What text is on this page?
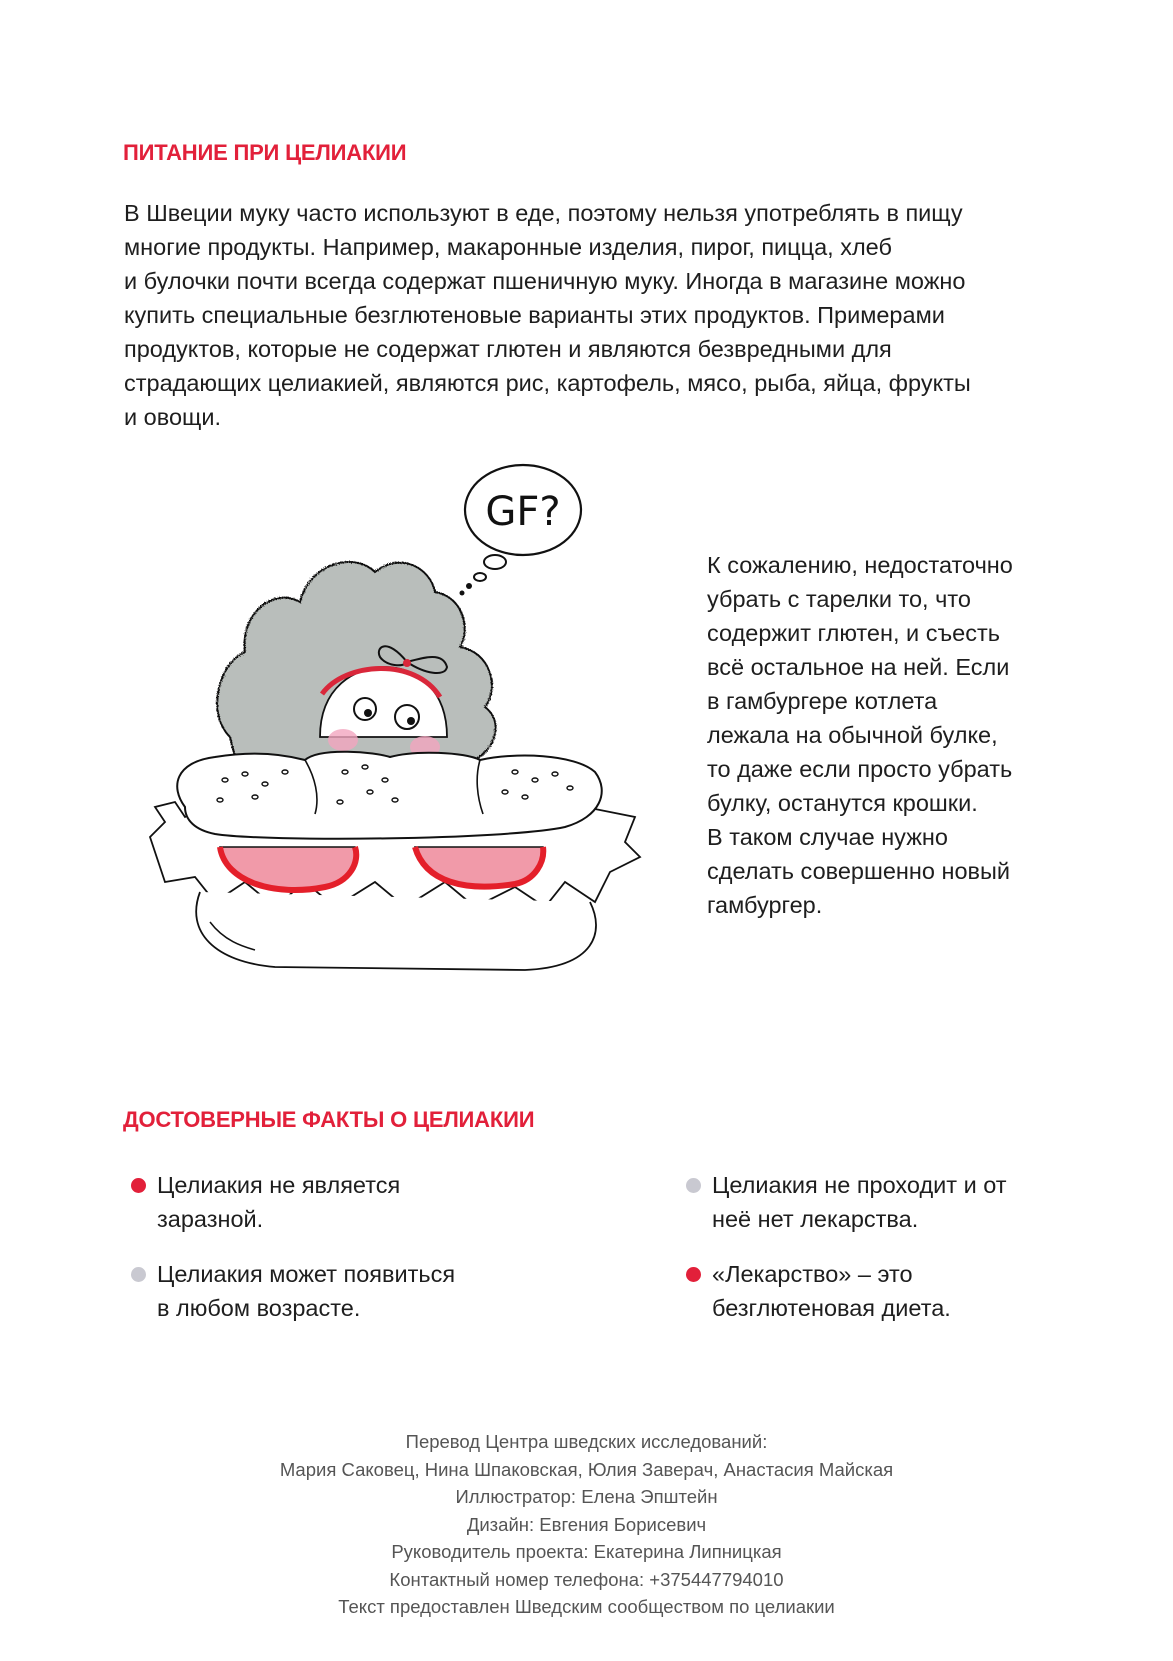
ПИТАНИЕ ПРИ ЦЕЛИАКИИ

В Швеции муку часто используют в еде, поэтому нельзя употреблять в пищу
многие продукты. Например, макаронные изделия, пирог, пицца, хлеб
и булочки почти всегда содержат пшеничную муку. Иногда в магазине можно
купить специальные безглютеновые варианты этих продуктов. Примерами
продуктов, которые не содержат глютен и являются безвредными для
страдающих целиакией, являются рис, картофель, мясо, рыба, яйца, фрукты
и овощи.

GF?

К сожалению, недостаточно
убрать с тарелки то, что
содержит глютен, и съесть
всё остальное на ней. Если
в гамбургере котлета
лежала на обычной булке,
то даже если просто убрать
булку, останутся крошки.
В таком случае нужно
сделать совершенно новый
гамбургер.

ДОСТОВЕРНЫЕ ФАКТЫ О ЦЕЛИАКИИ
Целиакия не является
заразной.
Целиакия может появиться
в любом возрасте.
Целиакия не проходит и от
неё нет лекарства.
«Лекарство» – это
безглютеновая диета.
Перевод Центра шведских исследований:
Мария Саковец, Нина Шпаковская, Юлия Заверач, Анастасия Майская
Иллюстратор: Елена Эпштейн
Дизайн: Евгения Борисевич
Руководитель проекта: Екатерина Липницкая
Контактный номер телефона: +375447794010
Текст предоставлен Шведским сообществом по целиакии
